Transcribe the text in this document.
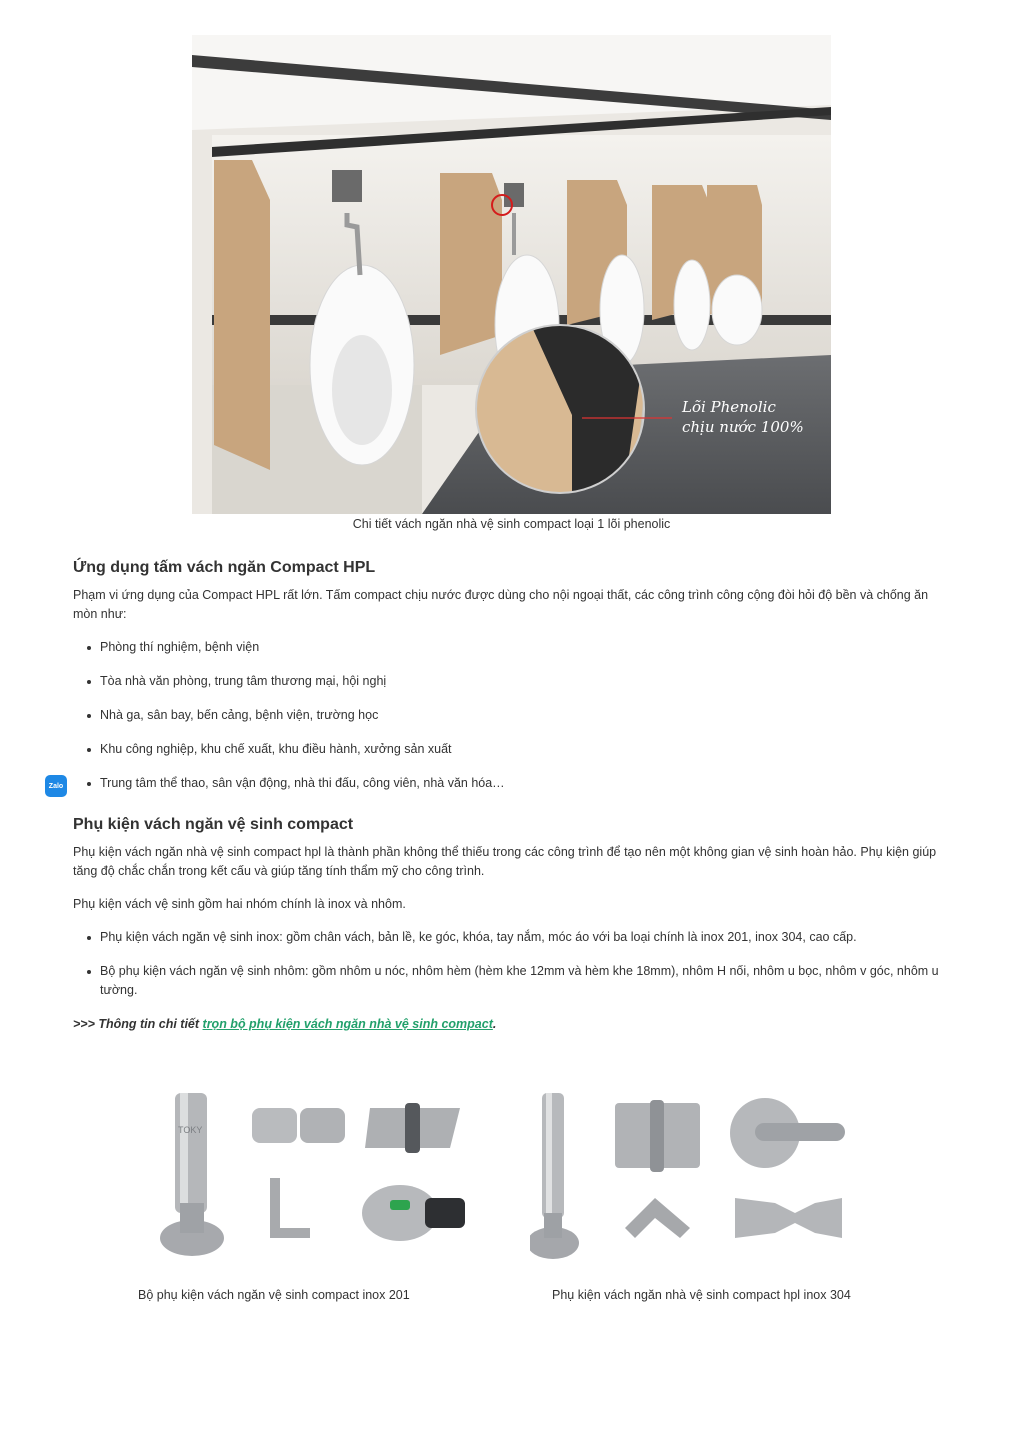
Lõi Phenolic
chịu nước 100%
Chi tiết vách ngăn nhà vệ sinh compact loại 1 lõi phenolic
Zalo
Ứng dụng tấm vách ngăn Compact HPL

Phạm vi ứng dụng của Compact HPL rất lớn. Tấm compact chịu nước được dùng cho nội ngoại thất, các công trình công cộng đòi hỏi độ bền và chống ăn mòn như:

Phòng thí nghiệm, bệnh viện
Tòa nhà văn phòng, trung tâm thương mại, hội nghị
Nhà ga, sân bay, bến cảng, bệnh viện, trường học
Khu công nghiệp, khu chế xuất, khu điều hành, xưởng sản xuất
Trung tâm thể thao, sân vận động, nhà thi đấu, công viên, nhà văn hóa…
Phụ kiện vách ngăn vệ sinh compact

Phụ kiện vách ngăn nhà vệ sinh compact hpl là thành phần không thể thiếu trong các công trình để tạo nên một không gian vệ sinh hoàn hảo. Phụ kiện giúp tăng độ chắc chắn trong kết cấu và giúp tăng tính thẩm mỹ cho công trình.

Phụ kiện vách vệ sinh gồm hai nhóm chính là inox và nhôm.

Phụ kiện vách ngăn vệ sinh inox: gồm chân vách, bản lề, ke góc, khóa, tay nắm, móc áo với ba loại chính là inox 201, inox 304, cao cấp.
Bộ phụ kiện vách ngăn vệ sinh nhôm: gồm nhôm u nóc, nhôm hèm (hèm khe 12mm và hèm khe 18mm), nhôm H nối, nhôm u bọc, nhôm v góc, nhôm u tường.

>>> Thông tin chi tiết trọn bộ phụ kiện vách ngăn nhà vệ sinh compact.

TOKY
Bộ phụ kiện vách ngăn vệ sinh compact inox 201	Phụ kiện vách ngăn nhà vệ sinh compact hpl inox 304
